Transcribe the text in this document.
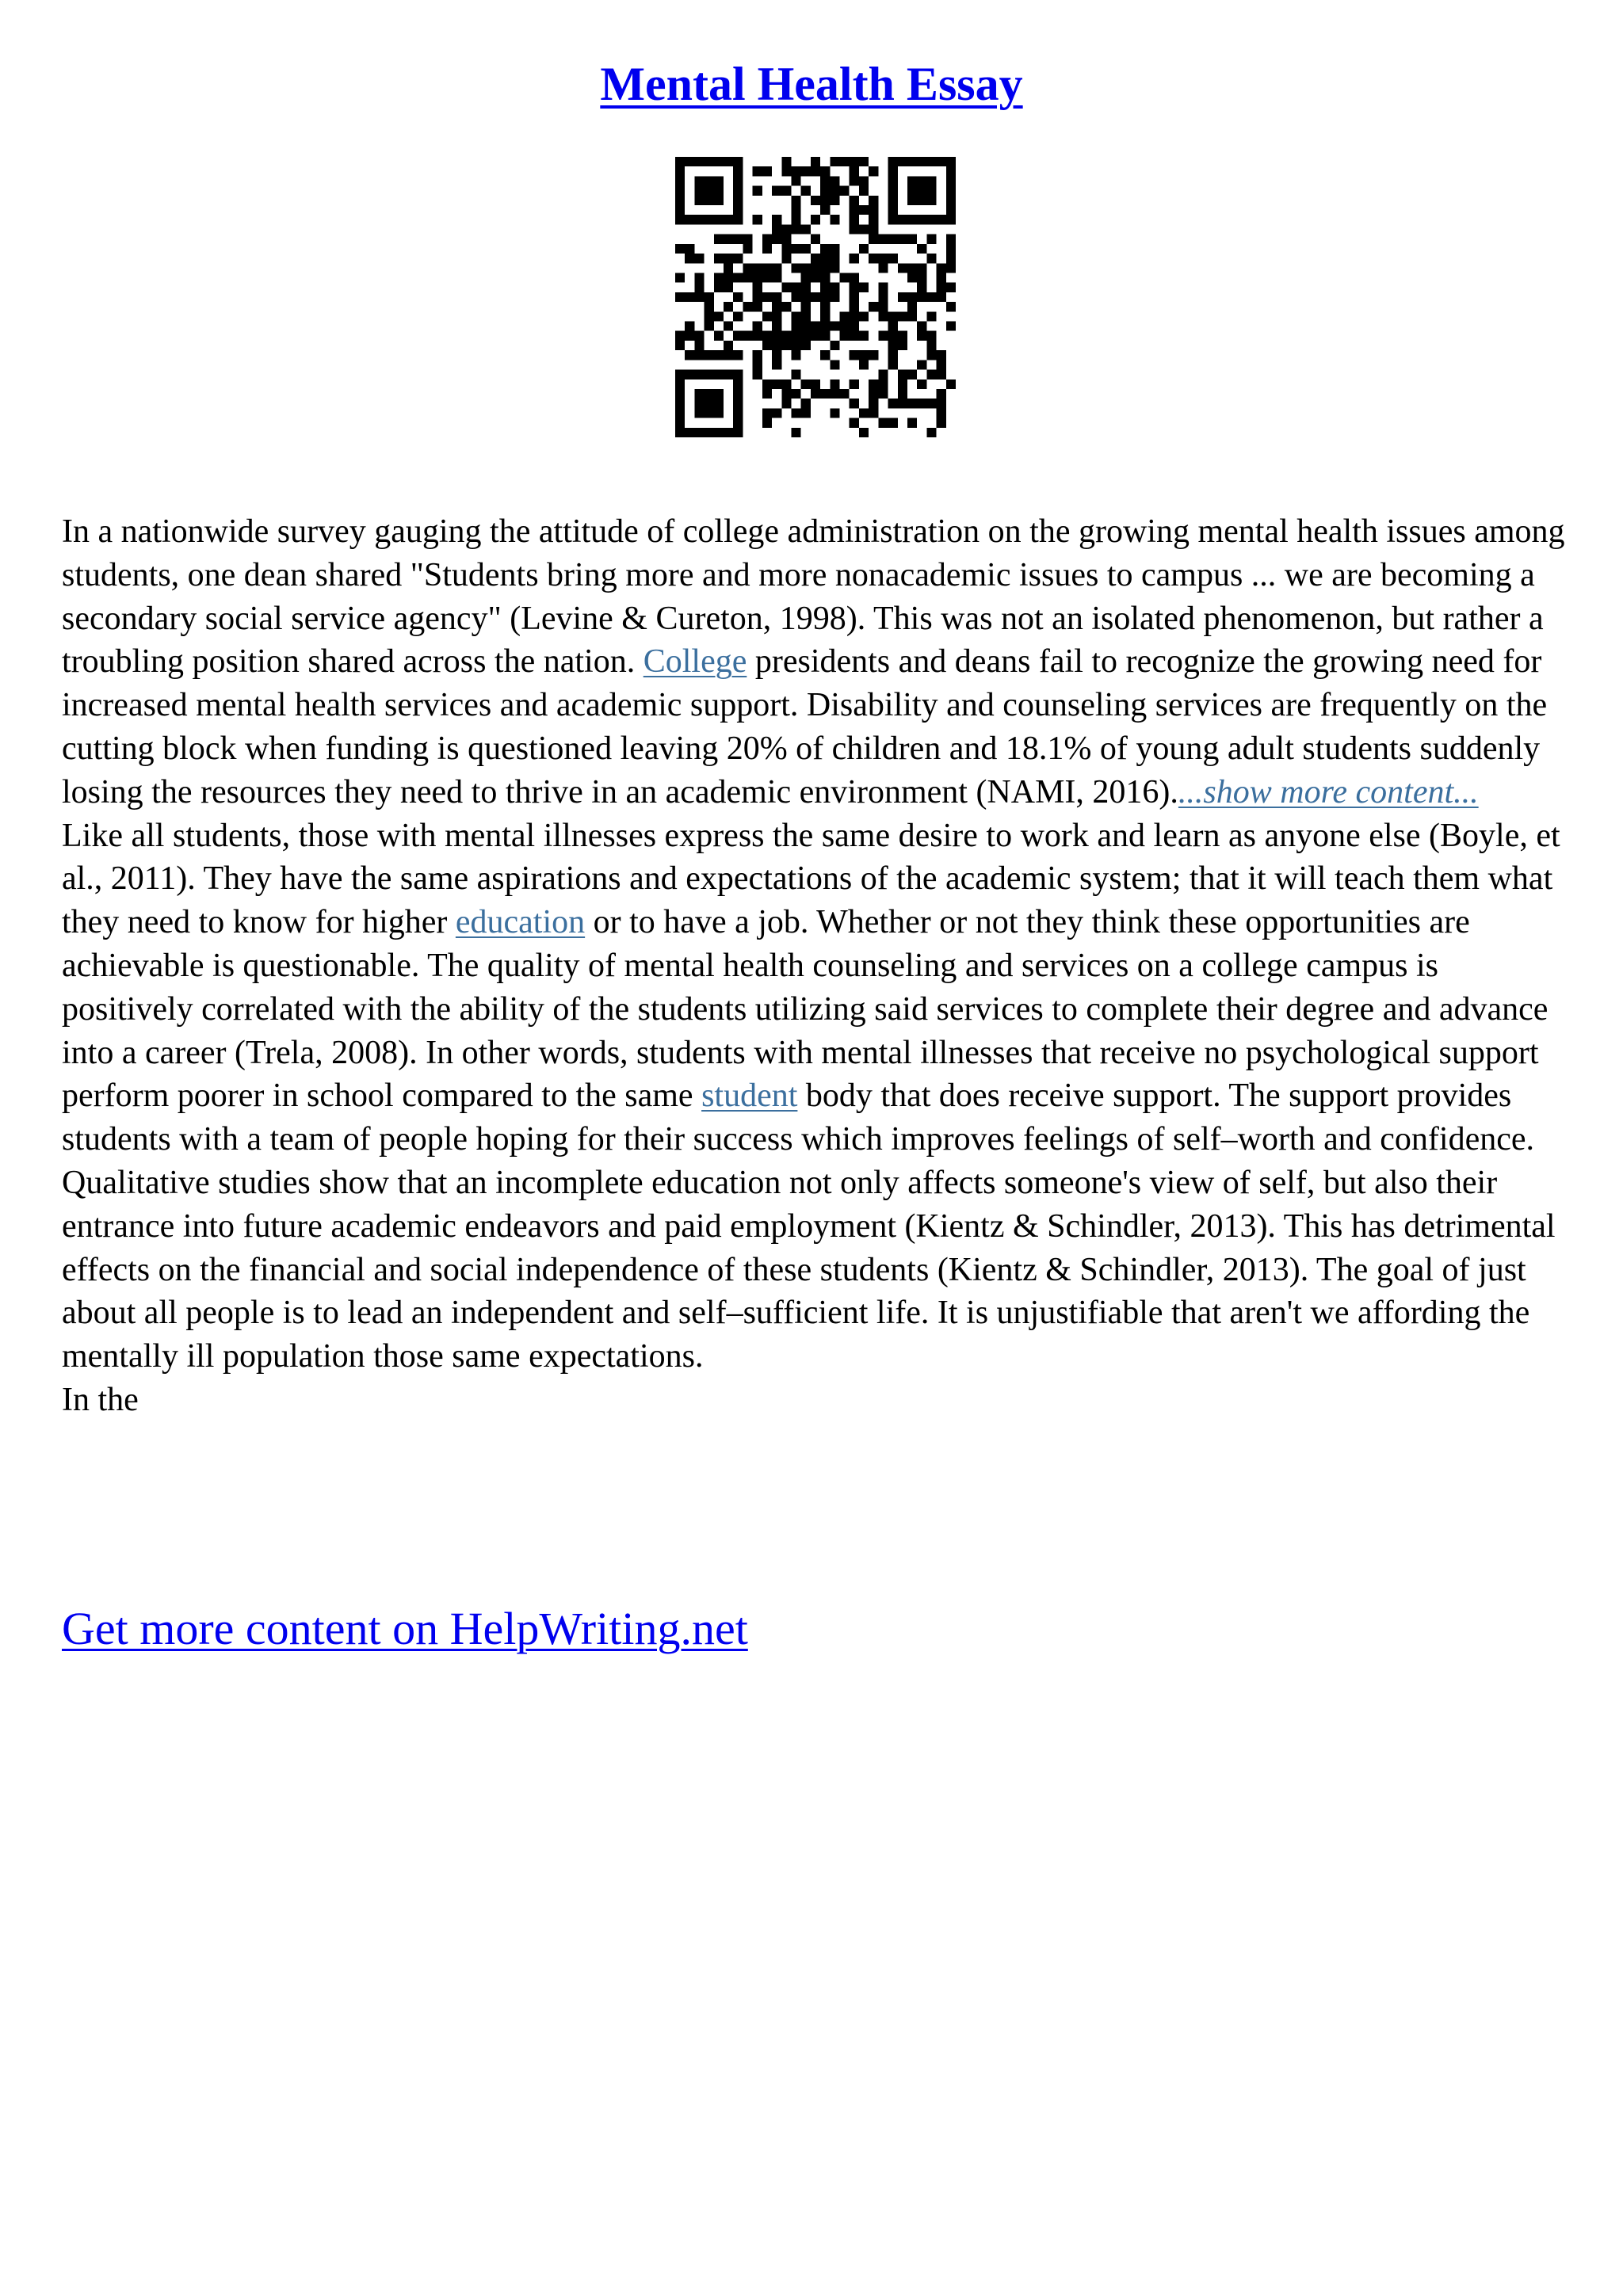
Mental Health Essay

In a nationwide survey gauging the attitude of college administration on the growing mental health issues among students, one dean shared "Students bring more and more nonacademic issues to campus ... we are becoming a secondary social service agency" (Levine & Cureton, 1998). This was not an isolated phenomenon, but rather a troubling position shared across the nation. College presidents and deans fail to recognize the growing need for increased mental health services and academic support. Disability and counseling services are frequently on the cutting block when funding is questioned leaving 20% of children and 18.1% of young adult students suddenly losing the resources they need to thrive in an academic environment (NAMI, 2016)....show more content...

Like all students, those with mental illnesses express the same desire to work and learn as anyone else (Boyle, et al., 2011). They have the same aspirations and expectations of the academic system; that it will teach them what they need to know for higher education or to have a job. Whether or not they think these opportunities are achievable is questionable. The quality of mental health counseling and services on a college campus is positively correlated with the ability of the students utilizing said services to complete their degree and advance into a career (Trela, 2008). In other words, students with mental illnesses that receive no psychological support perform poorer in school compared to the same student body that does receive support. The support provides students with a team of people hoping for their success which improves feelings of self–worth and confidence. Qualitative studies show that an incomplete education not only affects someone's view of self, but also their entrance into future academic endeavors and paid employment (Kientz & Schindler, 2013). This has detrimental effects on the financial and social independence of these students (Kientz & Schindler, 2013). The goal of just about all people is to lead an independent and self–sufficient life. It is unjustifiable that aren't we affording the mentally ill population those same expectations.

In the

Get more content on HelpWriting.net
